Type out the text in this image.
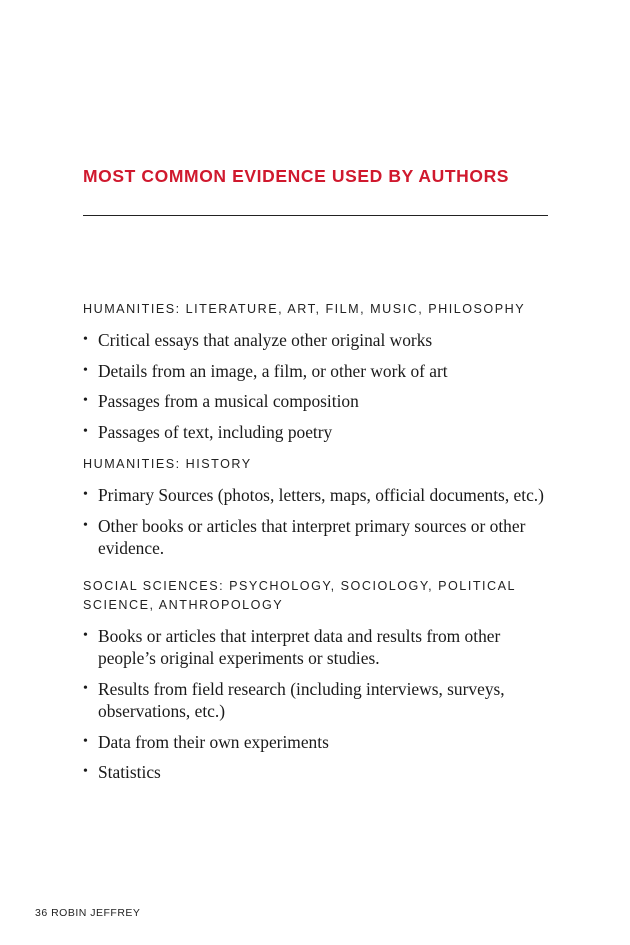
MOST COMMON EVIDENCE USED BY AUTHORS

HUMANITIES: LITERATURE, ART, FILM, MUSIC, PHILOSOPHY

• Critical essays that analyze other original works
• Details from an image, a film, or other work of art
• Passages from a musical composition
• Passages of text, including poetry

HUMANITIES: HISTORY

• Primary Sources (photos, letters, maps, official documents, etc.)
• Other books or articles that interpret primary sources or other evidence.

SOCIAL SCIENCES: PSYCHOLOGY, SOCIOLOGY, POLITICAL SCIENCE, ANTHROPOLOGY

• Books or articles that interpret data and results from other people’s original experiments or studies.
• Results from field research (including interviews, surveys, observations, etc.)
• Data from their own experiments
• Statistics
36 ROBIN JEFFREY
